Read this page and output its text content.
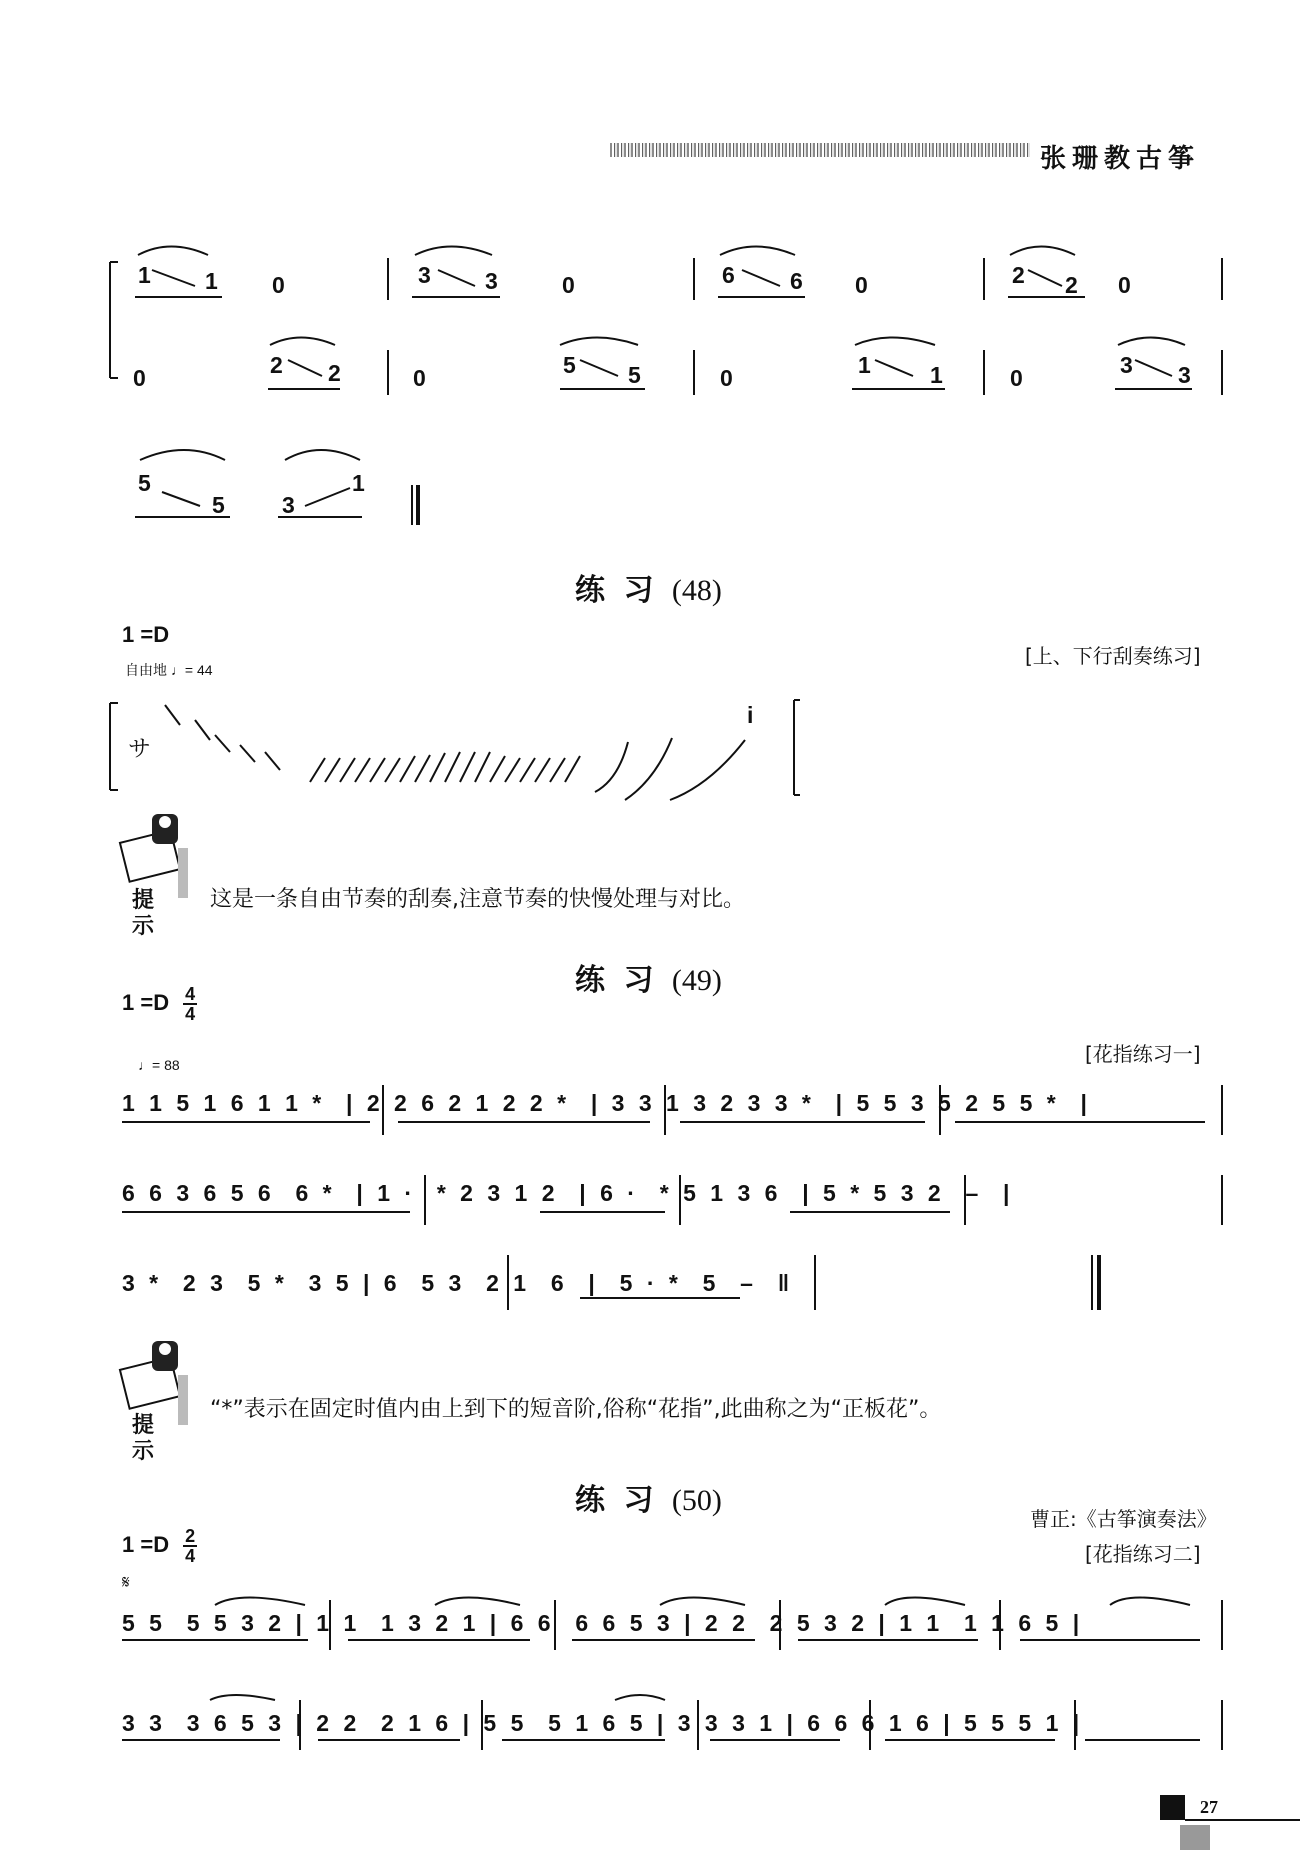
张珊教古筝
1 1 0	3 3	0	6 6 0	2 2 0
0	2 2	0	5 5	0	1 1	0	3 3
5
5 3
1
练 习 (48)
1 =D
自由地 ♩= 44
[上、下行刮奏练习]
サ
i
提
示
这是一条自由节奏的刮奏,注意节奏的快慢处理与对比。
练 习 (49)
$1 =D \frac{4}{4}$
♩= 88	[花指练习一]
1 1 5 1 6 1 1 *  | 2 2 6 2 1 2 2 *  | 3 3 1 3 2 3 3 *  | 5 5 3 5 2 5 5 *  |
6 6 3 6 5 6  6 *  | 1 ·  * 2 3 1 2  | 6 ·  * 5 1 3 6  | 5 * 5 3 2  –  |
3 *  2 3  5 *  3 5 | 6  5 3  2 1  6  |  5 · *  5  –  ‖
提
示
“*”表示在固定时值内由上到下的短音阶,俗称“花指”,此曲称之为“正板花”。
练 习 (50)
$1 =D \frac{2}{4}$
曹正:《古筝演奏法》
[花指练习二]
𝄋
5 5  5 5 3 2 | 1 1  1 3 2 1 | 6 6  6 6 5 3 | 2 2  2 5 3 2 | 1 1  1 1 6 5 |
3 3  3 6 5 3 | 2 2  2 1 6 | 5 5  5 1 6 5 | 3 3 3 1 | 6 6 6 1 6 | 5 5 5 1 |
27
